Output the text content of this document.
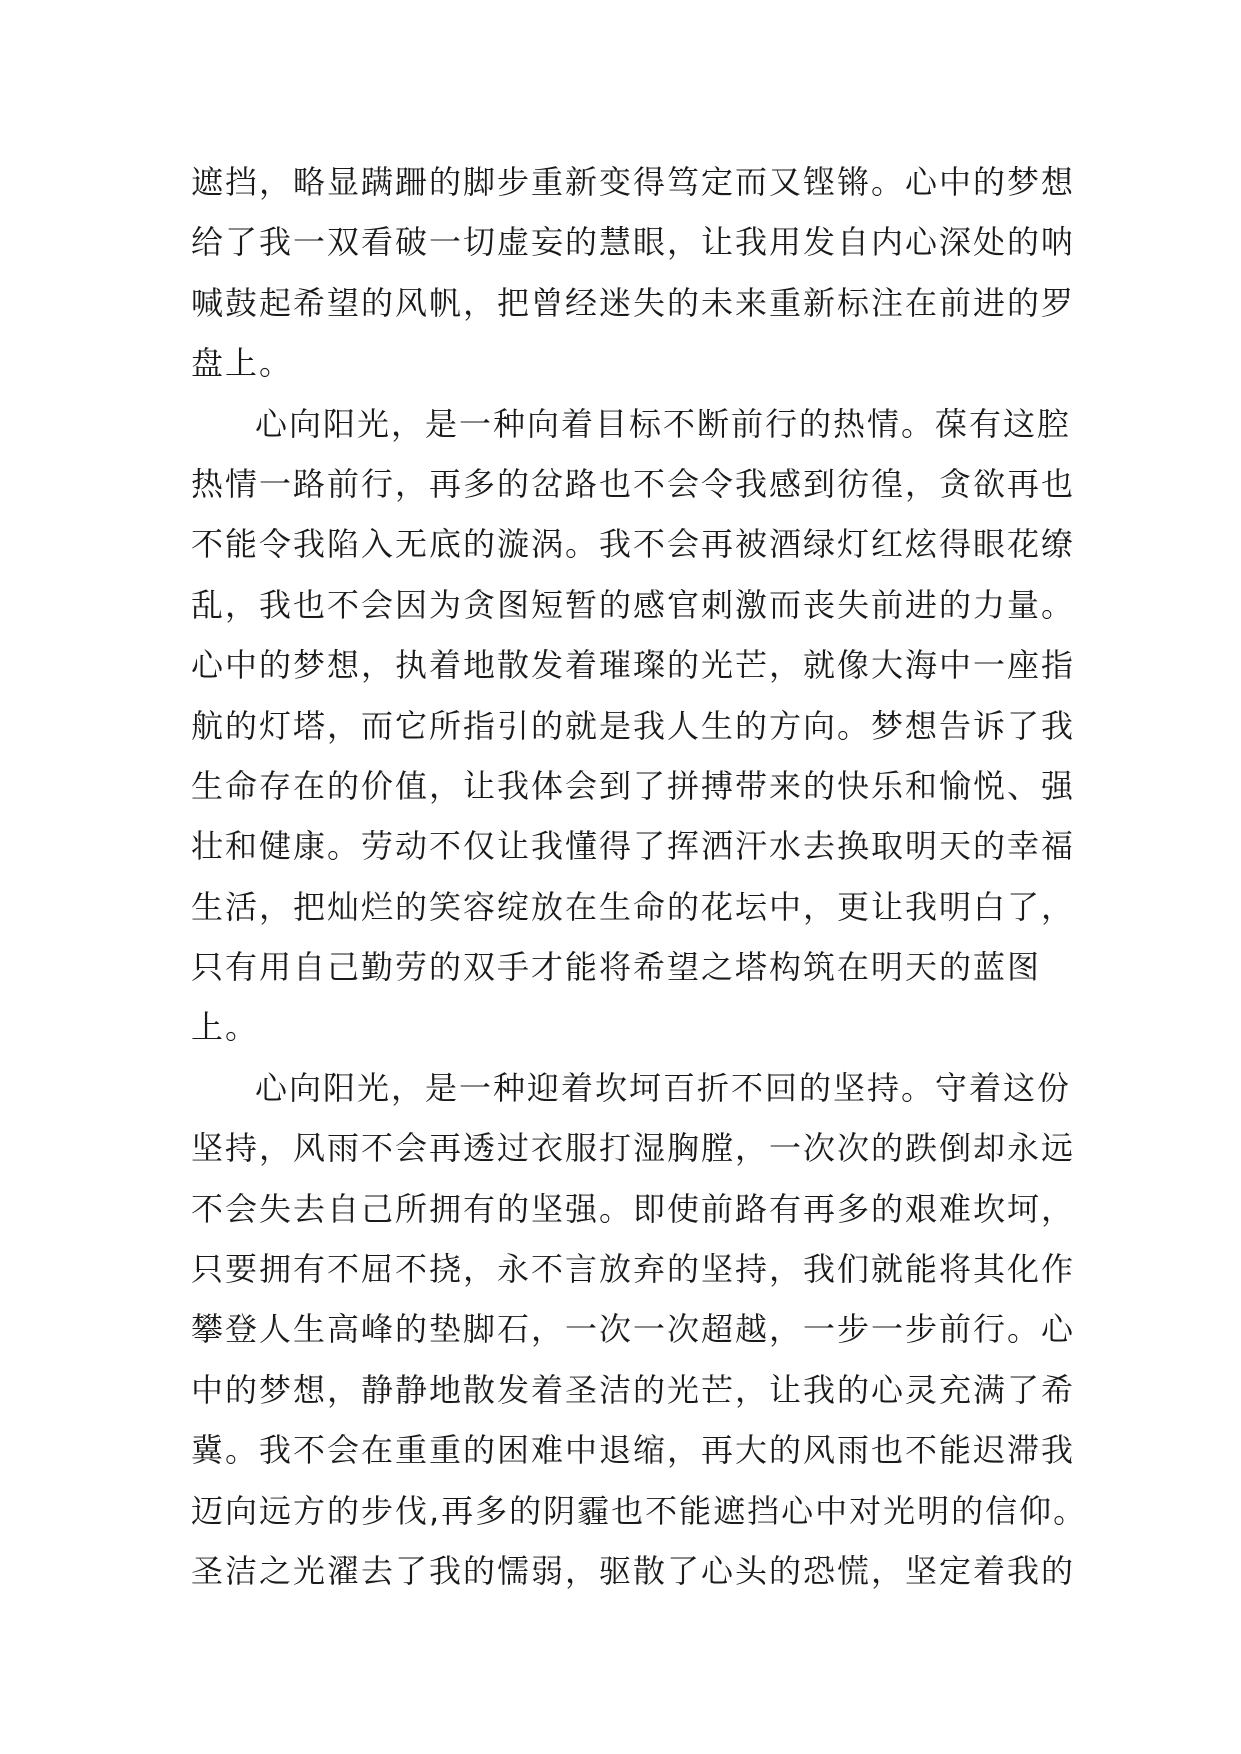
遮挡，略显蹒跚的脚步重新变得笃定而又铿锵。心中的梦想
给了我一双看破一切虚妄的慧眼，让我用发自内心深处的呐
喊鼓起希望的风帆，把曾经迷失的未来重新标注在前进的罗
盘上。
心向阳光，是一种向着目标不断前行的热情。葆有这腔
热情一路前行，再多的岔路也不会令我感到彷徨，贪欲再也
不能令我陷入无底的漩涡。我不会再被酒绿灯红炫得眼花缭
乱，我也不会因为贪图短暂的感官刺激而丧失前进的力量。
心中的梦想，执着地散发着璀璨的光芒，就像大海中一座指
航的灯塔，而它所指引的就是我人生的方向。梦想告诉了我
生命存在的价值，让我体会到了拼搏带来的快乐和愉悦、强
壮和健康。劳动不仅让我懂得了挥洒汗水去换取明天的幸福
生活，把灿烂的笑容绽放在生命的花坛中，更让我明白了，
只有用自己勤劳的双手才能将希望之塔构筑在明天的蓝图
上。
心向阳光，是一种迎着坎坷百折不回的坚持。守着这份
坚持，风雨不会再透过衣服打湿胸膛，一次次的跌倒却永远
不会失去自己所拥有的坚强。即使前路有再多的艰难坎坷，
只要拥有不屈不挠，永不言放弃的坚持，我们就能将其化作
攀登人生高峰的垫脚石，一次一次超越，一步一步前行。心
中的梦想，静静地散发着圣洁的光芒，让我的心灵充满了希
冀。我不会在重重的困难中退缩，再大的风雨也不能迟滞我
迈向远方的步伐,再多的阴霾也不能遮挡心中对光明的信仰。
圣洁之光濯去了我的懦弱，驱散了心头的恐慌，坚定着我的
